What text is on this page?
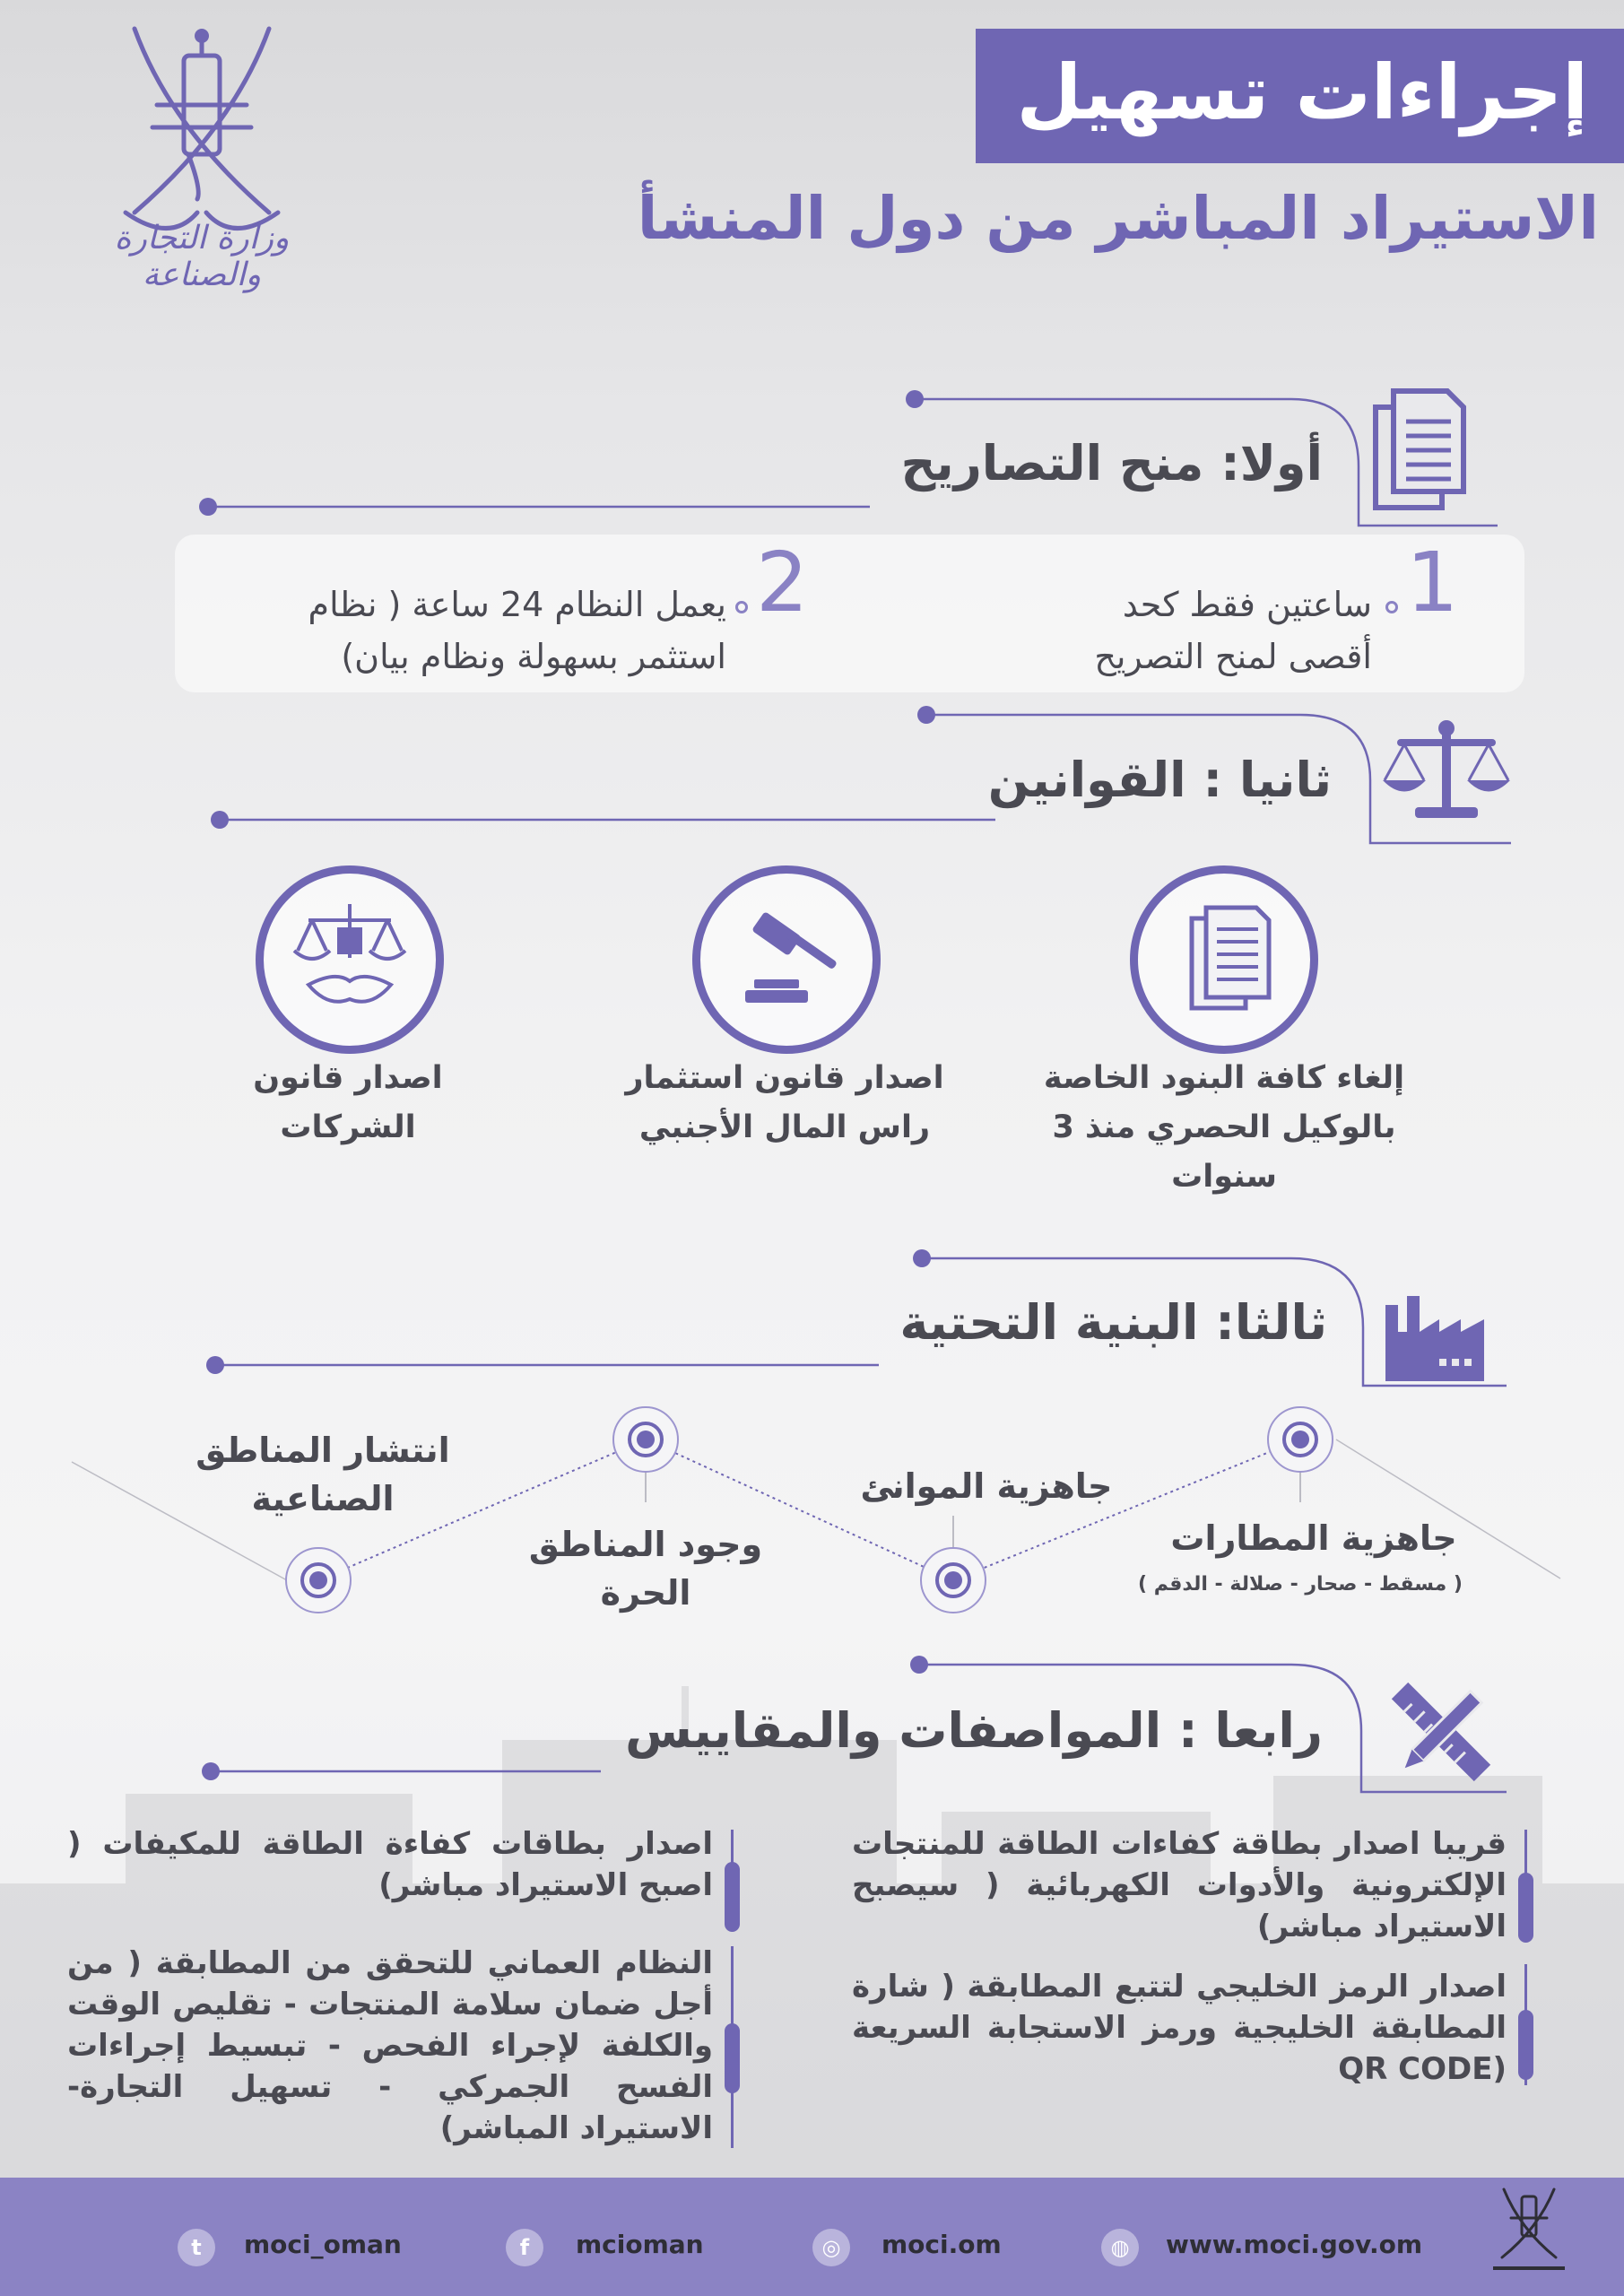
إجراءات تسهيل
الاستيراد المباشر من دول المنشأ
وزارة التجارة والصناعة
أولا: منح التصاريح
1
ساعتين فقط كحد
أقصى لمنح التصريح
2
يعمل النظام 24 ساعة ( نظام
استثمر بسهولة ونظام بيان)
ثانيا : القوانين
إلغاء كافة البنود الخاصة
بالوكيل الحصري منذ 3
سنوات
اصدار قانون استثمار
راس المال الأجنبي
اصدار قانون
الشركات
ثالثا: البنية التحتية
جاهزية المطارات
( مسقط - صحار - صلالة - الدقم )
جاهزية الموانئ
وجود المناطق
الحرة
انتشار المناطق
الصناعية
رابعا : المواصفات والمقاييس
قريبا اصدار بطاقة كفاءات الطاقة للمنتجات الإلكترونية والأدوات الكهربائية ( سيصبح الاستيراد مباشر)
اصدار الرمز الخليجي لتتبع المطابقة ( شارة المطابقة الخليجية ورمز الاستجابة السريعة (QR CODE
اصدار بطاقات كفاءة الطاقة للمكيفات ( اصبح الاستيراد مباشر)
النظام العماني للتحقق من المطابقة ( من أجل ضمان سلامة المنتجات - تقليص الوقت والكلفة لإجراء الفحص - تبسيط إجراءات الفسح الجمركي - تسهيل التجارة- الاستيراد المباشر)
t	moci_oman	f	mcioman	◎	moci.om	◍	www.moci.gov.om
